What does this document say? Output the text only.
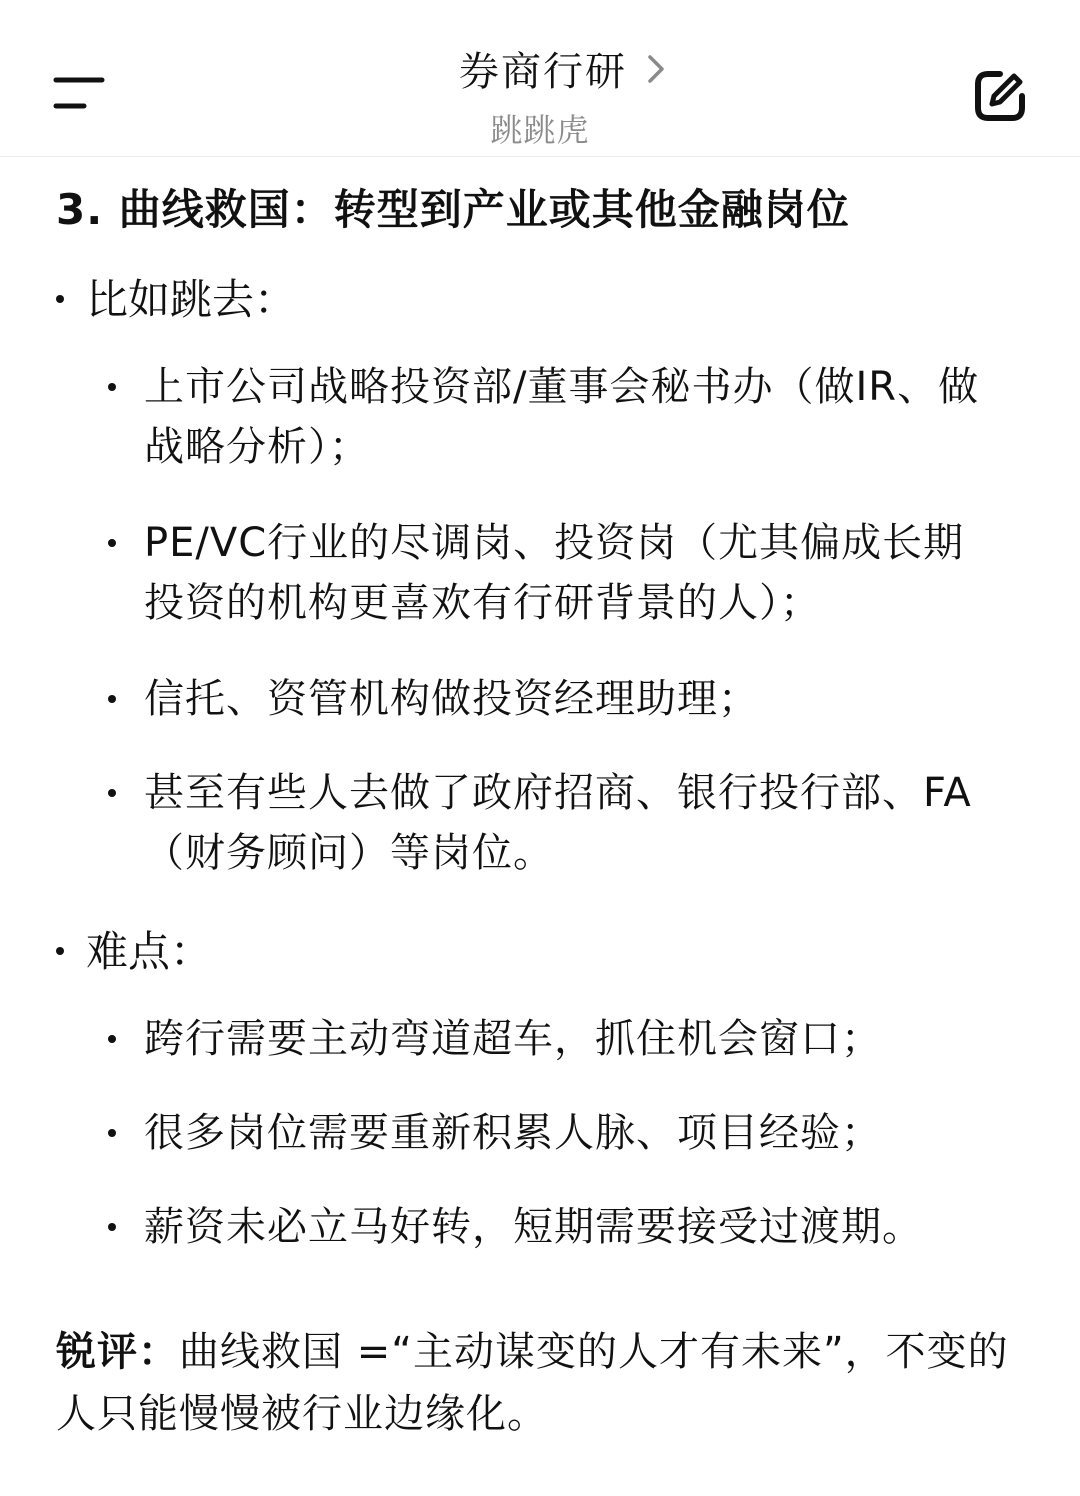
券商行研
跳跳虎
3. 曲线救国：转型到产业或其他金融岗位
比如跳去：
上市公司战略投资部/董事会秘书办（做IR、做战略分析）；
PE/VC行业的尽调岗、投资岗（尤其偏成长期投资的机构更喜欢有行研背景的人）；
信托、资管机构做投资经理助理；
甚至有些人去做了政府招商、银行投行部、FA（财务顾问）等岗位。
难点：
跨行需要主动弯道超车，抓住机会窗口；
很多岗位需要重新积累人脉、项目经验；
薪资未必立马好转，短期需要接受过渡期。
锐评：曲线救国 =“主动谋变的人才有未来”，不变的人只能慢慢被行业边缘化。
